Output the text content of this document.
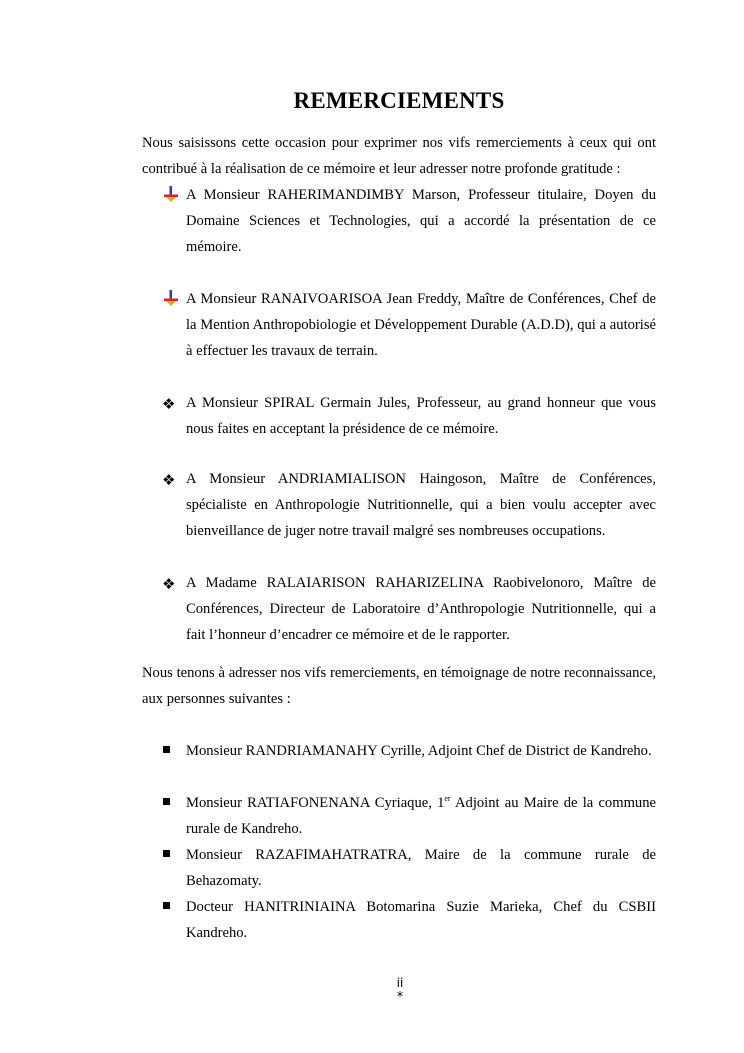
REMERCIEMENTS
Nous saisissons cette occasion pour exprimer nos vifs remerciements à ceux qui ont contribué à la réalisation de ce mémoire et leur adresser notre profonde gratitude :
A Monsieur RAHERIMANDIMBY Marson, Professeur titulaire, Doyen du Domaine Sciences et Technologies, qui a accordé la présentation de ce mémoire.
A Monsieur RANAIVOARISOA Jean Freddy, Maître de Conférences, Chef de la Mention Anthropobiologie et Développement Durable (A.D.D), qui a autorisé à effectuer les travaux de terrain.
❖ A Monsieur SPIRAL Germain Jules, Professeur, au grand honneur que vous nous faites en acceptant la présidence de ce mémoire.
❖ A Monsieur ANDRIAMIALISON Haingoson, Maître de Conférences, spécialiste en Anthropologie Nutritionnelle, qui a bien voulu accepter avec bienveillance de juger notre travail malgré ses nombreuses occupations.
❖ A Madame RALAIARISON RAHARIZELINA Raobivelonoro, Maître de Conférences, Directeur de Laboratoire d’Anthropologie Nutritionnelle, qui a fait l’honneur d’encadrer ce mémoire et de le rapporter.
Nous tenons à adresser nos vifs remerciements, en témoignage de notre reconnaissance, aux personnes suivantes :
Monsieur RANDRIAMANAHY Cyrille, Adjoint Chef de District de Kandreho.
Monsieur RATIAFONENANA Cyriaque, 1er Adjoint au Maire de la commune rurale de Kandreho.
Monsieur RAZAFIMAHATRATRA, Maire de la commune rurale de Behazomaty.
Docteur HANITRINIAINA Botomarina Suzie Marieka, Chef du CSBII Kandreho.
ii
*
